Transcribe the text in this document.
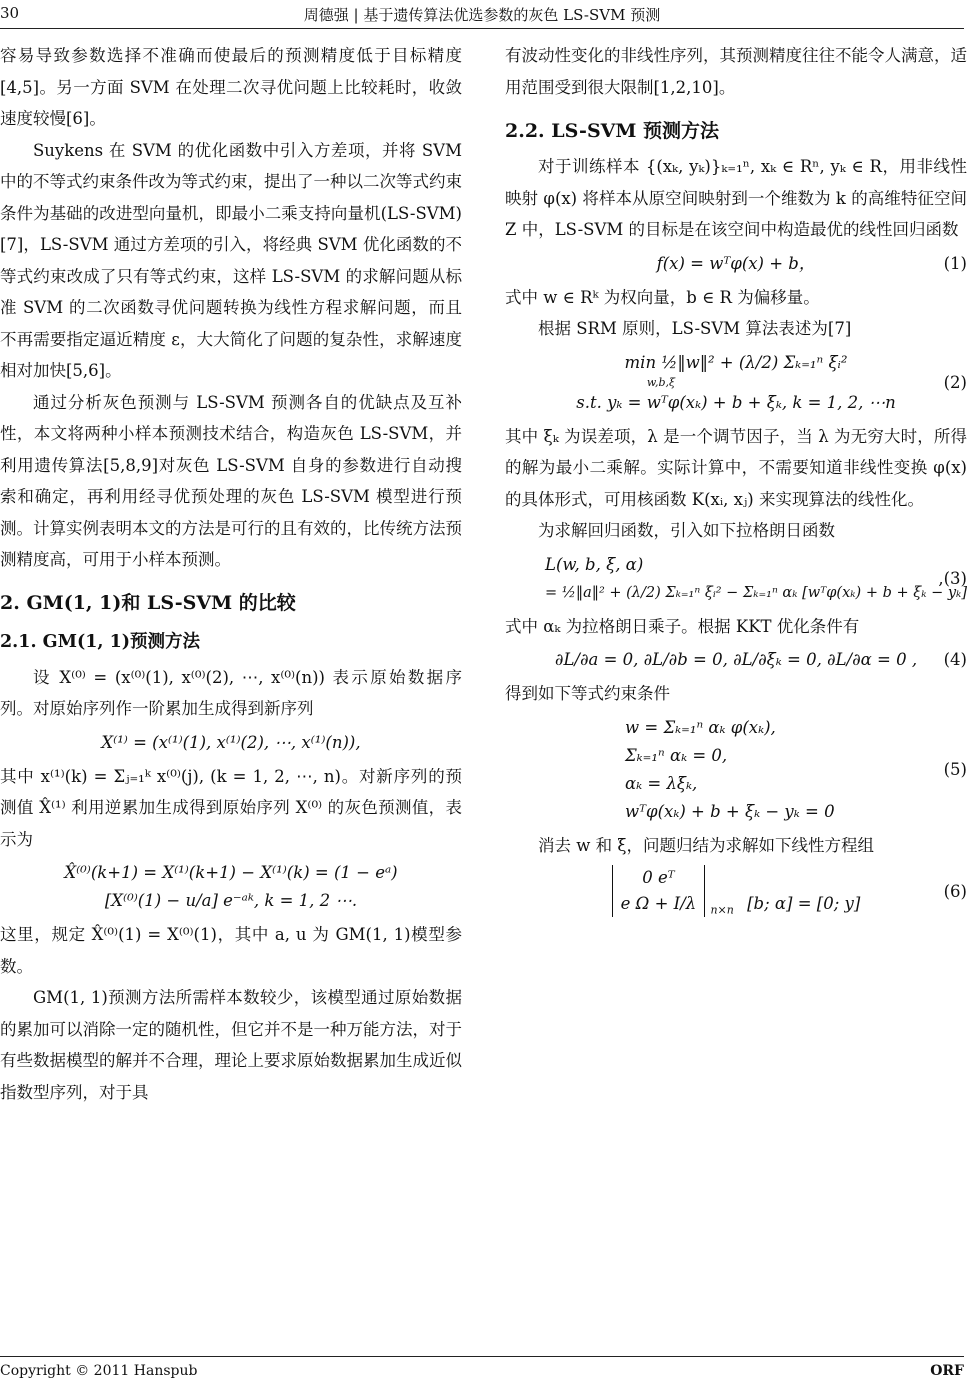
30	周德强 | 基于遗传算法优选参数的灰色 LS-SVM 预测

容易导致参数选择不准确而使最后的预测精度低于目标精度[4,5]。另一方面 SVM 在处理二次寻优问题上比较耗时，收敛速度较慢[6]。

Suykens 在 SVM 的优化函数中引入方差项，并将 SVM 中的不等式约束条件改为等式约束，提出了一种以二次等式约束条件为基础的改进型向量机，即最小二乘支持向量机(LS-SVM)[7]，LS-SVM 通过方差项的引入，将经典 SVM 优化函数的不等式约束改成了只有等式约束，这样 LS-SVM 的求解问题从标准 SVM 的二次函数寻优问题转换为线性方程求解问题，而且不再需要指定逼近精度 ε，大大简化了问题的复杂性，求解速度相对加快[5,6]。

通过分析灰色预测与 LS-SVM 预测各自的优缺点及互补性，本文将两种小样本预测技术结合，构造灰色 LS-SVM，并利用遗传算法[5,8,9]对灰色 LS-SVM 自身的参数进行自动搜索和确定，再利用经寻优预处理的灰色 LS-SVM 模型进行预测。计算实例表明本文的方法是可行的且有效的，比传统方法预测精度高，可用于小样本预测。

2. GM(1, 1)和 LS-SVM 的比较
2.1. GM(1, 1)预测方法

设 X⁽⁰⁾ = (x⁽⁰⁾(1), x⁽⁰⁾(2), ⋯, x⁽⁰⁾(n)) 表示原始数据序列。对原始序列作一阶累加生成得到新序列

X⁽¹⁾ = (x⁽¹⁾(1), x⁽¹⁾(2), ⋯, x⁽¹⁾(n)),

其中 x⁽¹⁾(k) = Σⱼ₌₁ᵏ x⁽⁰⁾(j), (k = 1, 2, ⋯, n)。对新序列的预测值 X̂⁽¹⁾ 利用逆累加生成得到原始序列 X⁽⁰⁾ 的灰色预测值，表示为

X̂⁽⁰⁾(k+1) = X⁽¹⁾(k+1) − X⁽¹⁾(k) = (1 − eᵃ)
[X⁽⁰⁾(1) − u/a] e⁻ᵃᵏ, k = 1, 2 ⋯.

这里，规定 X̂⁽⁰⁾(1) = X⁽⁰⁾(1)，其中 a, u 为 GM(1, 1)模型参数。

GM(1, 1)预测方法所需样本数较少，该模型通过原始数据的累加可以消除一定的随机性，但它并不是一种万能方法，对于有些数据模型的解并不合理，理论上要求原始数据累加生成近似指数型序列，对于具

有波动性变化的非线性序列，其预测精度往往不能令人满意，适用范围受到很大限制[1,2,10]。

2.2. LS-SVM 预测方法

对于训练样本 {(xₖ, yₖ)}ₖ₌₁ⁿ, xₖ ∈ Rⁿ, yₖ ∈ R，用非线性映射 φ(x) 将样本从原空间映射到一个维数为 k 的高维特征空间 Z 中，LS-SVM 的目标是在该空间中构造最优的线性回归函数

f(x) = wᵀφ(x) + b，	(1)

式中 w ∈ Rᵏ 为权向量，b ∈ R 为偏移量。

根据 SRM 原则，LS-SVM 算法表述为[7]

min ½‖w‖² + (λ/2) Σₖ₌₁ⁿ ξᵢ²
w,b,ξ
s.t. yₖ = wᵀφ(xₖ) + b + ξₖ, k = 1, 2, ⋯n
(2)

其中 ξₖ 为误差项，λ 是一个调节因子，当 λ 为无穷大时，所得的解为最小二乘解。实际计算中，不需要知道非线性变换 φ(x) 的具体形式，可用核函数 K(xᵢ, xⱼ) 来实现算法的线性化。

为求解回归函数，引入如下拉格朗日函数

L(w, b, ξ, α)
= ½‖a‖² + (λ/2) Σₖ₌₁ⁿ ξᵢ² − Σₖ₌₁ⁿ αₖ [wᵀφ(xₖ) + b + ξₖ − yₖ]
,(3)

式中 αₖ 为拉格朗日乘子。根据 KKT 优化条件有

∂L/∂a = 0, ∂L/∂b = 0, ∂L/∂ξₖ = 0, ∂L/∂α = 0 ,	(4)

得到如下等式约束条件

w = Σₖ₌₁ⁿ αₖ φ(xₖ),
Σₖ₌₁ⁿ αₖ = 0,
αₖ = λξₖ,
wᵀφ(xₖ) + b + ξₖ − yₖ = 0
(5)

消去 w 和 ξ，问题归结为求解如下线性方程组

0 eᵀ
e Ω + I/λ $_{n\times n}$ [b; α] = [0; y]
(6)
Copyright © 2011 Hanspub	ORF
